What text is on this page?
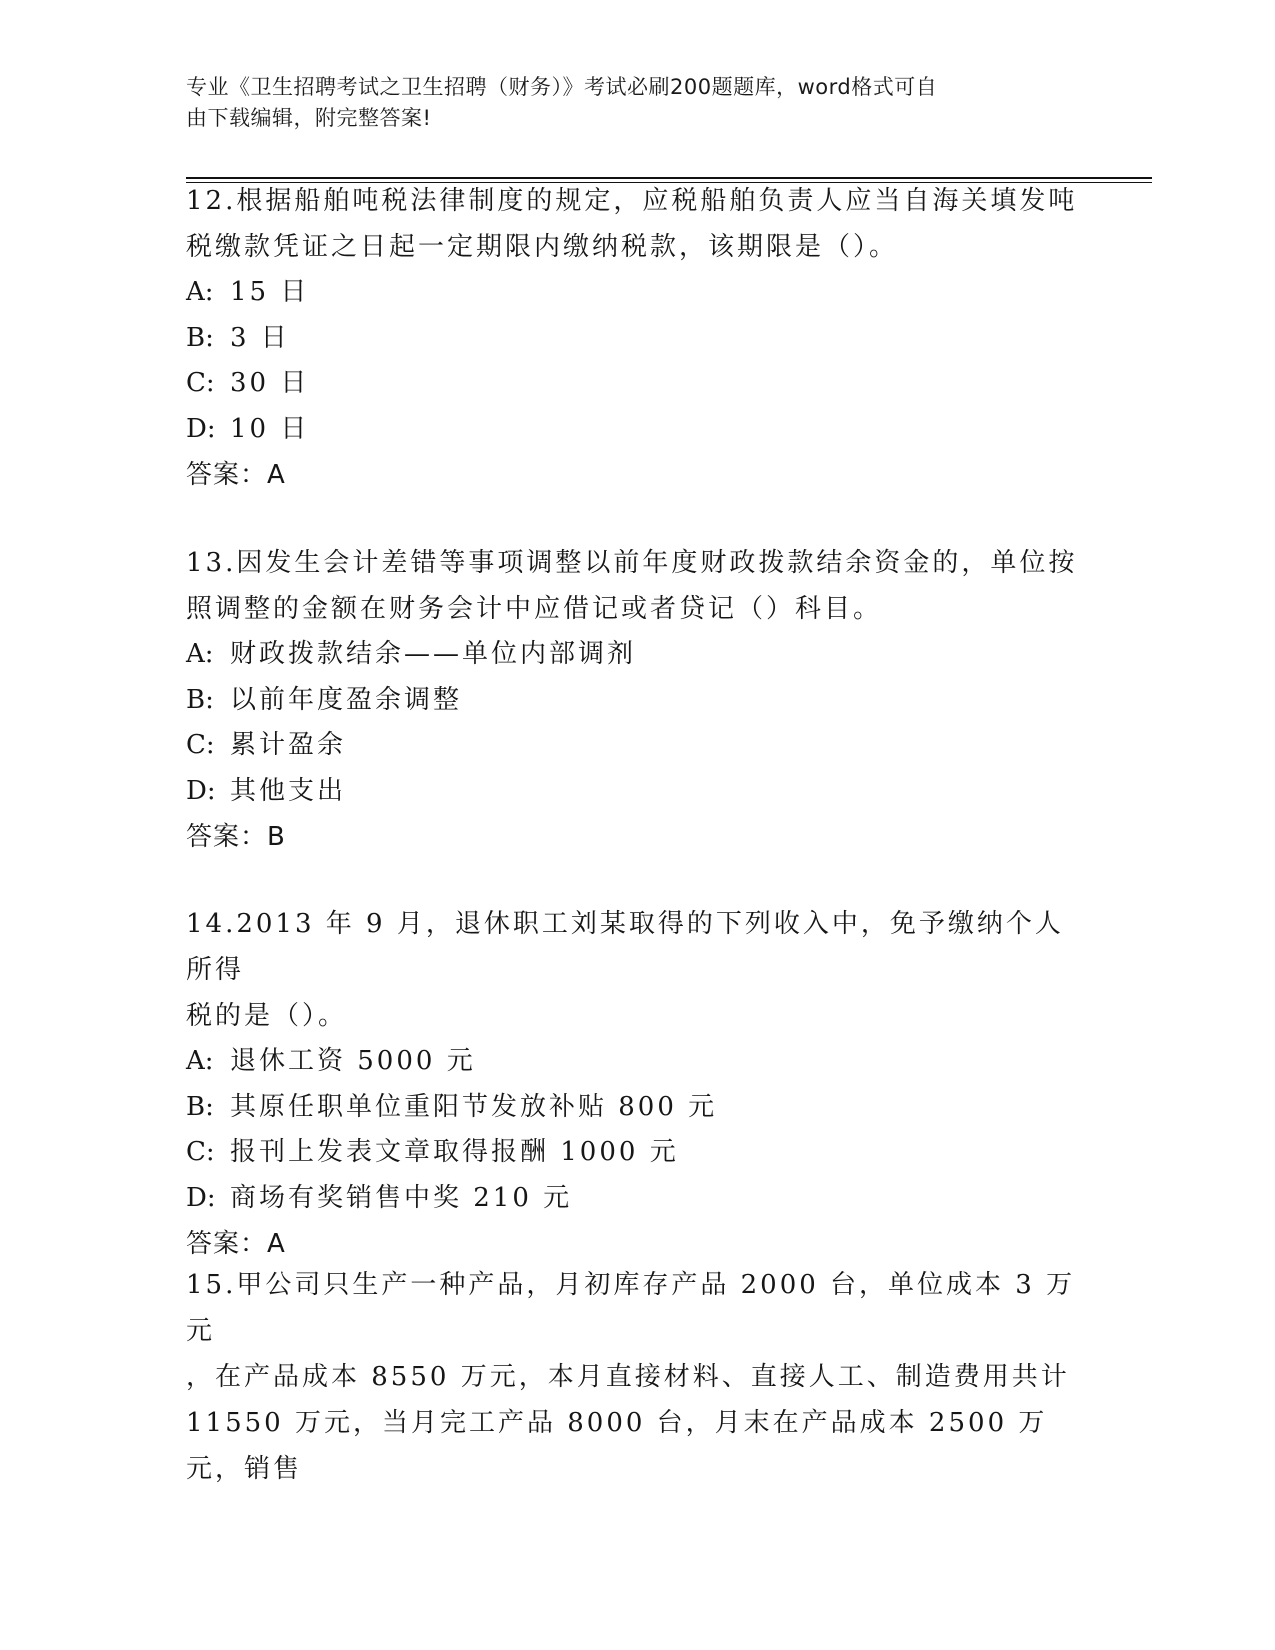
专业《卫生招聘考试之卫生招聘（财务）》考试必刷200题题库，word格式可自
由下载编辑，附完整答案!
12.根据船舶吨税法律制度的规定，应税船舶负责人应当自海关填发吨
税缴款凭证之日起一定期限内缴纳税款，该期限是（）。
A: 15 日
B: 3 日
C: 30 日
D: 10 日
答案：A
13.因发生会计差错等事项调整以前年度财政拨款结余资金的，单位按
照调整的金额在财务会计中应借记或者贷记（）科目。
A: 财政拨款结余——单位内部调剂
B: 以前年度盈余调整
C: 累计盈余
D: 其他支出
答案：B
14.2013 年 9 月，退休职工刘某取得的下列收入中，免予缴纳个人所得
税的是（）。
A: 退休工资 5000 元
B: 其原任职单位重阳节发放补贴 800 元
C: 报刊上发表文章取得报酬 1000 元
D: 商场有奖销售中奖 210 元
答案：A
15.甲公司只生产一种产品，月初库存产品 2000 台，单位成本 3 万元
，在产品成本 8550 万元，本月直接材料、直接人工、制造费用共计
11550 万元，当月完工产品 8000 台，月末在产品成本 2500 万元，销售
